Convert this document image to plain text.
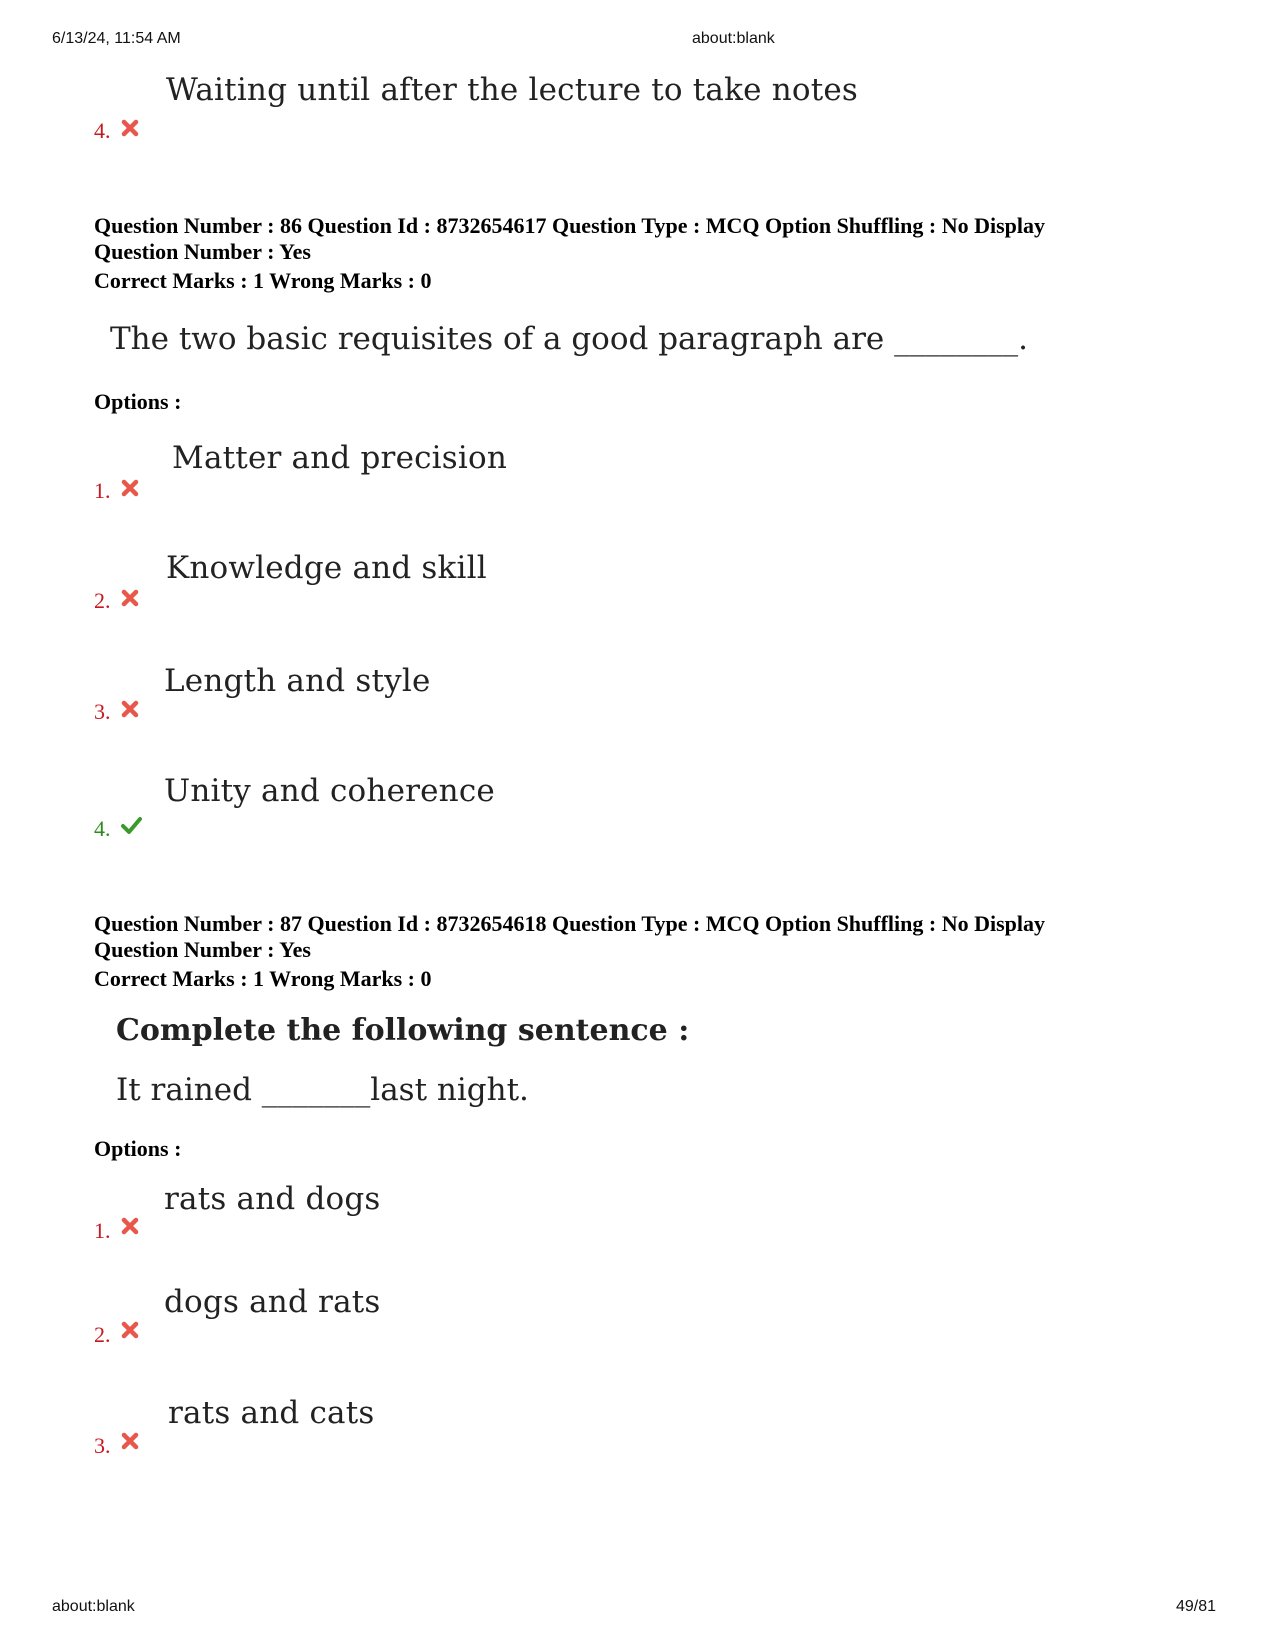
6/13/24, 11:54 AM	about:blank
Waiting until after the lecture to take notes
4.
Question Number : 86 Question Id : 8732654617 Question Type : MCQ Option Shuffling : No Display
Question Number : Yes
Correct Marks : 1 Wrong Marks : 0
The two basic requisites of a good paragraph are ________.
Options :
Matter and precision
1.
Knowledge and skill
2.
Length and style
3.
Unity and coherence
4.
Question Number : 87 Question Id : 8732654618 Question Type : MCQ Option Shuffling : No Display
Question Number : Yes
Correct Marks : 1 Wrong Marks : 0
Complete the following sentence :
It rained _______last night.
Options :
rats and dogs
1.
dogs and rats
2.
rats and cats
3.
about:blank	49/81
